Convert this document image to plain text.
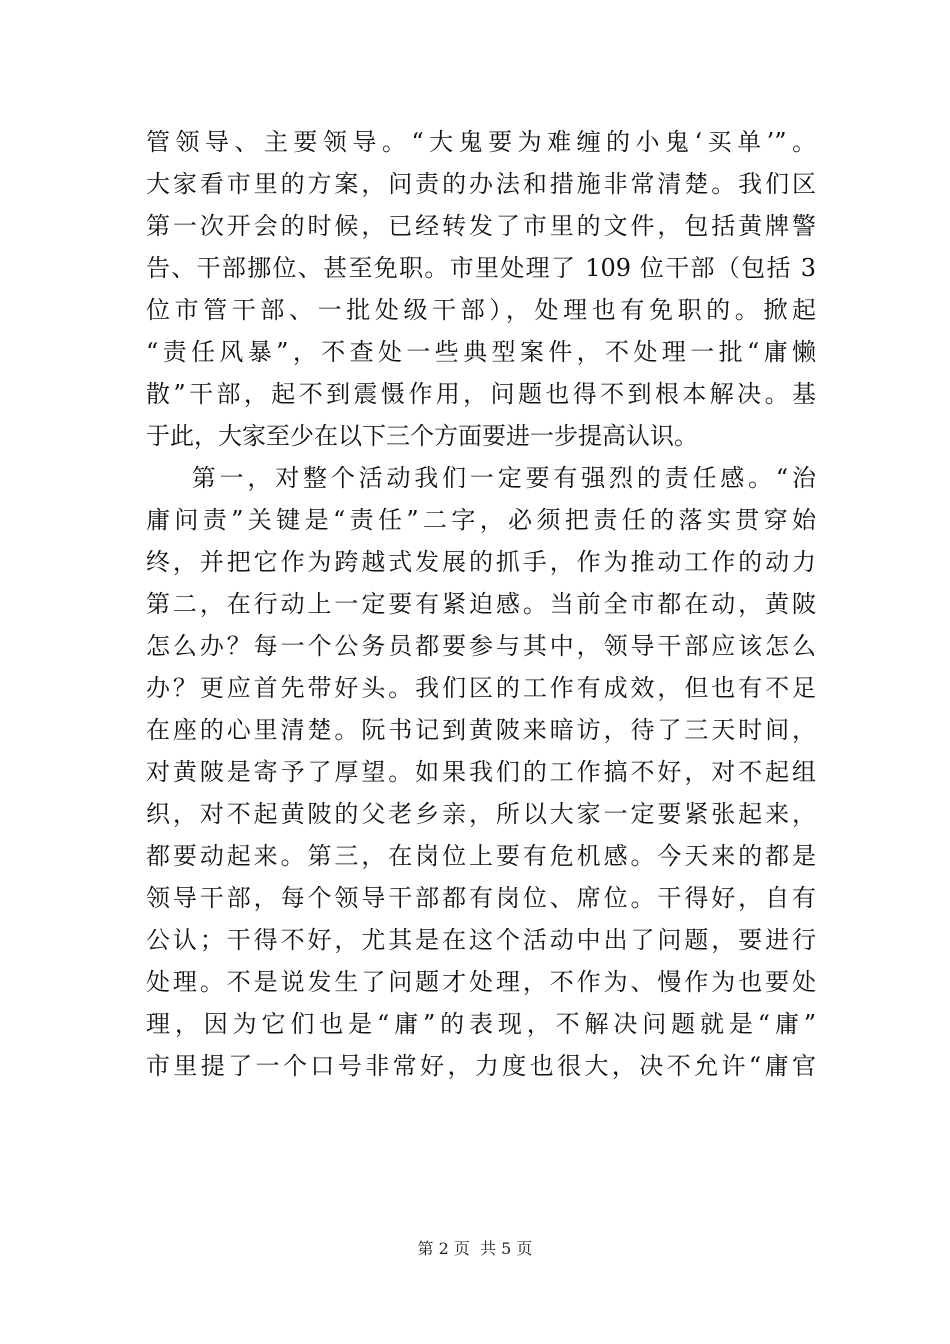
管领导、主要领导。“大鬼要为难缠的小鬼‘买单’”。
大家看市里的方案，问责的办法和措施非常清楚。我们区
第一次开会的时候，已经转发了市里的文件，包括黄牌警
告、干部挪位、甚至免职。市里处理了 109 位干部（包括 3
位市管干部、一批处级干部），处理也有免职的。掀起
“责任风暴”，不查处一些典型案件，不处理一批“庸懒
散”干部，起不到震慑作用，问题也得不到根本解决。基
于此，大家至少在以下三个方面要进一步提高认识。
第一，对整个活动我们一定要有强烈的责任感。“治
庸问责”关键是“责任”二字，必须把责任的落实贯穿始
终，并把它作为跨越式发展的抓手，作为推动工作的动力
第二，在行动上一定要有紧迫感。当前全市都在动，黄陂
怎么办？每一个公务员都要参与其中，领导干部应该怎么
办？更应首先带好头。我们区的工作有成效，但也有不足
在座的心里清楚。阮书记到黄陂来暗访，待了三天时间，
对黄陂是寄予了厚望。如果我们的工作搞不好，对不起组
织，对不起黄陂的父老乡亲，所以大家一定要紧张起来，
都要动起来。第三，在岗位上要有危机感。今天来的都是
领导干部，每个领导干部都有岗位、席位。干得好，自有
公认；干得不好，尤其是在这个活动中出了问题，要进行
处理。不是说发生了问题才处理，不作为、慢作为也要处
理，因为它们也是“庸”的表现，不解决问题就是“庸”
市里提了一个口号非常好，力度也很大，决不允许“庸官
第 2 页  共 5 页
